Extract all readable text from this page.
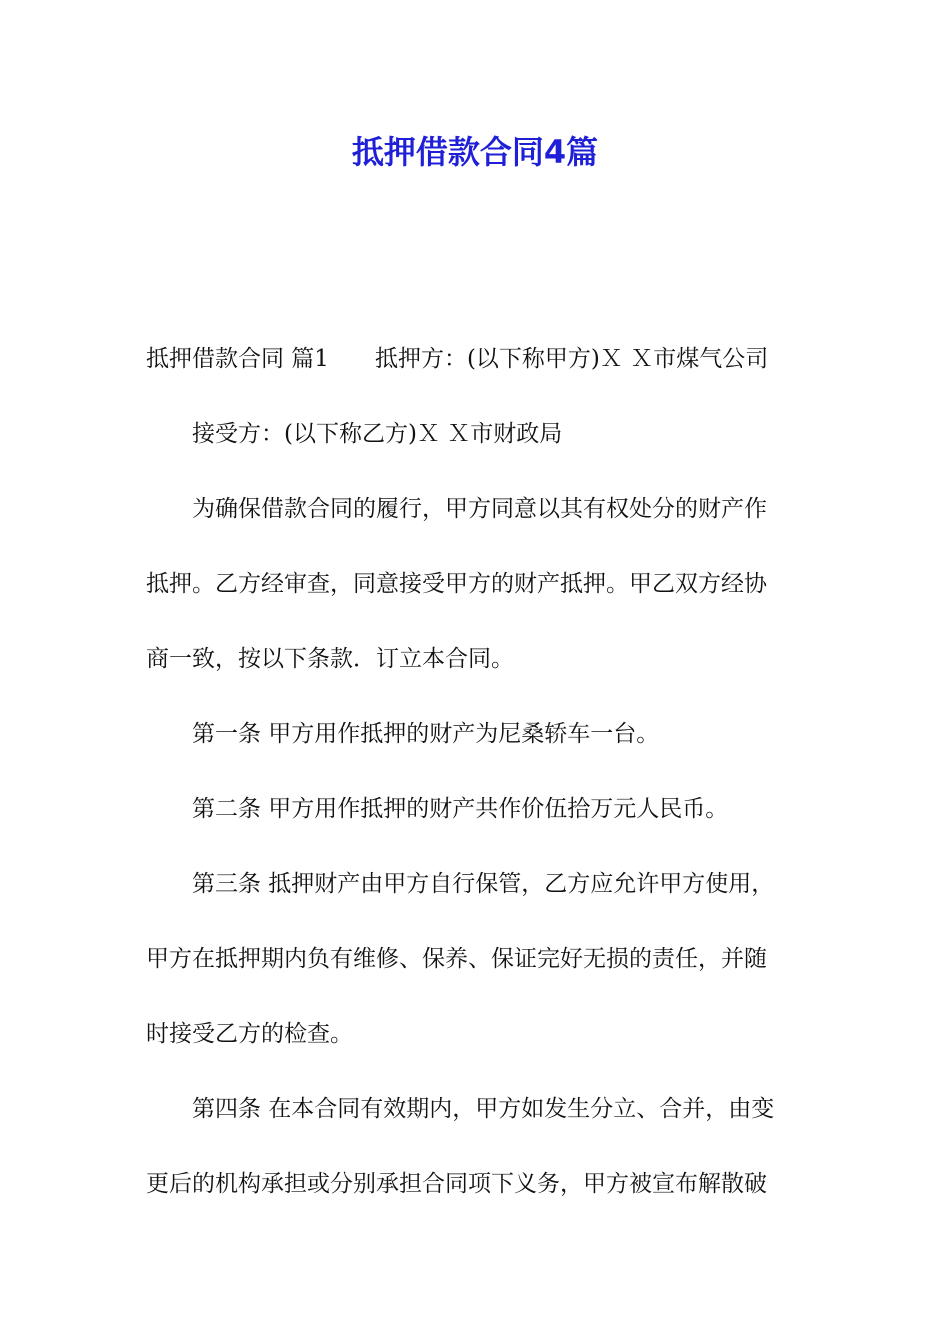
抵押借款合同4篇
抵押借款合同 篇1 抵押方：(以下称甲方)Ｘ Ｘ市煤气公司
接受方：(以下称乙方)Ｘ Ｘ市财政局
为确保借款合同的履行，甲方同意以其有权处分的财产作
抵押。乙方经审查，同意接受甲方的财产抵押。甲乙双方经协
商一致，按以下条款．订立本合同。
第一条 甲方用作抵押的财产为尼桑轿车一台。
第二条 甲方用作抵押的财产共作价伍拾万元人民币。
第三条 抵押财产由甲方自行保管，乙方应允许甲方使用，
甲方在抵押期内负有维修、保养、保证完好无损的责任，并随
时接受乙方的检查。
第四条 在本合同有效期内，甲方如发生分立、合并，由变
更后的机构承担或分别承担合同项下义务，甲方被宣布解散破
